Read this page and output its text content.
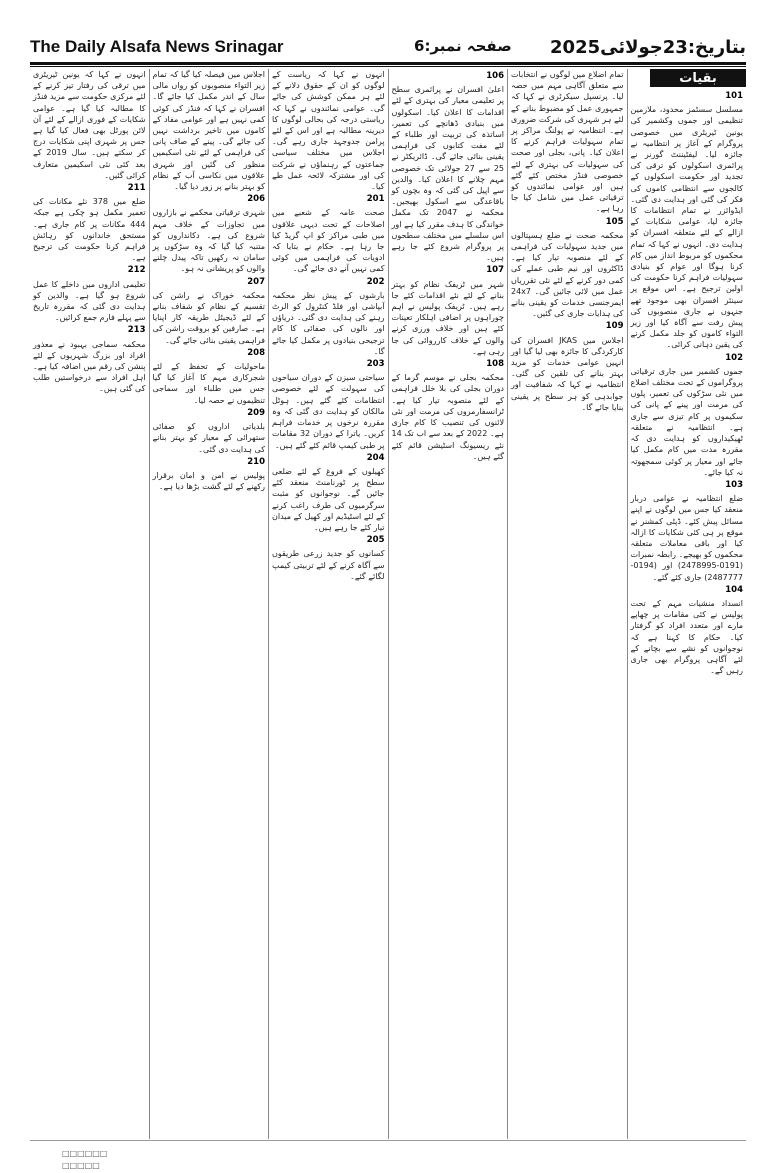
The Daily Alsafa News Srinagar	صفحہ نمبر:6 بتاریخ:23جولائی2025
101

مسلسل سسٹمز محدود، ملازمین تنظیمی اور جموں وکشمیر کی یونین ٹیریٹری میں خصوصی پروگرام کے آغاز پر انتظامیہ نے جائزہ لیا۔ لیفٹیننٹ گورنر نے پرائمری اسکولوں کو ترقی کی تجدید اور حکومت اسکولوں کے کالجوں سے انتظامی کاموں کی فکر کی گئی اور ہدایت دی گئی۔ ایڈوائزر نے تمام انتظامات کا جائزہ لیا، عوامی شکایات کے ازالے کے لئے متعلقہ افسران کو ہدایت دی۔ انہوں نے کہا کہ تمام محکموں کو مربوط انداز میں کام کرنا ہوگا اور عوام کو بنیادی سہولیات فراہم کرنا حکومت کی اولین ترجیح ہے۔ اس موقع پر سینئر افسران بھی موجود تھے جنہوں نے جاری منصوبوں کی پیش رفت سے آگاہ کیا اور زیر التواء کاموں کو جلد مکمل کرنے کی یقین دہانی کرائی۔

102

جموں کشمیر میں جاری ترقیاتی پروگراموں کے تحت مختلف اضلاع میں نئی سڑکوں کی تعمیر، پلوں کی مرمت اور پینے کے پانی کی سکیموں پر کام تیزی سے جاری ہے۔ انتظامیہ نے متعلقہ ٹھیکیداروں کو ہدایت دی کہ مقررہ مدت میں کام مکمل کیا جائے اور معیار پر کوئی سمجھوتہ نہ کیا جائے۔

103

ضلع انتظامیہ نے عوامی دربار منعقد کیا جس میں لوگوں نے اپنے مسائل پیش کئے۔ ڈپٹی کمشنر نے موقع پر ہی کئی شکایات کا ازالہ کیا اور باقی معاملات متعلقہ محکموں کو بھیجے۔ رابطہ نمبرات (0191-2478995) اور (0194-2487777) جاری کئے گئے۔

104

انسداد منشیات مہم کے تحت پولیس نے کئی مقامات پر چھاپے مارے اور متعدد افراد کو گرفتار کیا۔ حکام کا کہنا ہے کہ نوجوانوں کو نشے سے بچانے کے لئے آگاہی پروگرام بھی جاری رہیں گے۔

تمام اضلاع میں لوگوں نے انتخابات سے متعلق آگاہی مہم میں حصہ لیا۔ پرنسپل سیکرٹری نے کہا کہ جمہوری عمل کو مضبوط بنانے کے لئے ہر شہری کی شرکت ضروری ہے۔ انتظامیہ نے پولنگ مراکز پر تمام سہولیات فراہم کرنے کا اعلان کیا۔ پانی، بجلی اور صحت کی سہولیات کی بہتری کے لئے خصوصی فنڈز مختص کئے گئے ہیں اور عوامی نمائندوں کو ترقیاتی عمل میں شامل کیا جا رہا ہے۔

105

محکمہ صحت نے ضلع ہسپتالوں میں جدید سہولیات کی فراہمی کے لئے منصوبہ تیار کیا ہے۔ ڈاکٹروں اور نیم طبی عملے کی کمی دور کرنے کے لئے نئی تقرریاں عمل میں لائی جائیں گی۔ 24x7 ایمرجنسی خدمات کو یقینی بنانے کی ہدایات جاری کی گئیں۔

109

اجلاس میں JKAS افسران کی کارکردگی کا جائزہ بھی لیا گیا اور انہیں عوامی خدمات کو مزید بہتر بنانے کی تلقین کی گئی۔ انتظامیہ نے کہا کہ شفافیت اور جوابدہی کو ہر سطح پر یقینی بنایا جائے گا۔

106

اعلیٰ افسران نے پرائمری سطح پر تعلیمی معیار کی بہتری کے لئے اقدامات کا اعلان کیا۔ اسکولوں میں بنیادی ڈھانچے کی تعمیر، اساتذہ کی تربیت اور طلباء کے لئے مفت کتابوں کی فراہمی یقینی بنائی جائے گی۔ ڈائریکٹر نے 25 سے 27 جولائی تک خصوصی مہم چلانے کا اعلان کیا۔ والدین سے اپیل کی گئی کہ وہ بچوں کو باقاعدگی سے اسکول بھیجیں۔ محکمہ نے 2047 تک مکمل خواندگی کا ہدف مقرر کیا ہے اور اس سلسلے میں مختلف سطحوں پر پروگرام شروع کئے جا رہے ہیں۔

107

شہر میں ٹریفک نظام کو بہتر بنانے کے لئے نئے اقدامات کئے جا رہے ہیں۔ ٹریفک پولیس نے اہم چوراہوں پر اضافی اہلکار تعینات کئے ہیں اور خلاف ورزی کرنے والوں کے خلاف کارروائی کی جا رہی ہے۔

108

محکمہ بجلی نے موسم گرما کے دوران بجلی کی بلا خلل فراہمی کے لئے منصوبہ تیار کیا ہے۔ ٹرانسفارمروں کی مرمت اور نئی لائنوں کی تنصیب کا کام جاری ہے۔ 2022 کے بعد سے اب تک 14 نئے ریسیونگ اسٹیشن قائم کئے گئے ہیں۔

انہوں نے کہا کہ ریاست کے لوگوں کو ان کے حقوق دلانے کے لئے ہر ممکن کوشش کی جائے گی۔ عوامی نمائندوں نے کہا کہ ریاستی درجہ کی بحالی لوگوں کا دیرینہ مطالبہ ہے اور اس کے لئے پرامن جدوجہد جاری رہے گی۔ اجلاس میں مختلف سیاسی جماعتوں کے رہنماؤں نے شرکت کی اور مشترکہ لائحہ عمل طے کیا۔

201

صحت عامہ کے شعبے میں اصلاحات کے تحت دیہی علاقوں میں طبی مراکز کو اپ گریڈ کیا جا رہا ہے۔ حکام نے بتایا کہ ادویات کی فراہمی میں کوئی کمی نہیں آنے دی جائے گی۔

202

بارشوں کے پیش نظر محکمہ آبپاشی اور فلڈ کنٹرول کو الرٹ رہنے کی ہدایت دی گئی۔ دریاؤں اور نالوں کی صفائی کا کام ترجیحی بنیادوں پر مکمل کیا جائے گا۔

203

سیاحتی سیزن کے دوران سیاحوں کی سہولت کے لئے خصوصی انتظامات کئے گئے ہیں۔ ہوٹل مالکان کو ہدایت دی گئی کہ وہ مقررہ نرخوں پر خدمات فراہم کریں۔ یاترا کے دوران 32 مقامات پر طبی کیمپ قائم کئے گئے ہیں۔

204

کھیلوں کے فروغ کے لئے ضلعی سطح پر ٹورنامنٹ منعقد کئے جائیں گے۔ نوجوانوں کو مثبت سرگرمیوں کی طرف راغب کرنے کے لئے اسٹیڈیم اور کھیل کے میدان تیار کئے جا رہے ہیں۔

205

کسانوں کو جدید زرعی طریقوں سے آگاہ کرنے کے لئے تربیتی کیمپ لگائے گئے۔

اجلاس میں فیصلہ کیا گیا کہ تمام زیر التواء منصوبوں کو رواں مالی سال کے اندر مکمل کیا جائے گا۔ افسران نے کہا کہ فنڈز کی کوئی کمی نہیں ہے اور عوامی مفاد کے کاموں میں تاخیر برداشت نہیں کی جائے گی۔ پینے کے صاف پانی کی فراہمی کے لئے نئی اسکیمیں منظور کی گئیں اور شہری علاقوں میں نکاسی آب کے نظام کو بہتر بنانے پر زور دیا گیا۔

206

شہری ترقیاتی محکمے نے بازاروں میں تجاوزات کے خلاف مہم شروع کی ہے۔ دکانداروں کو متنبہ کیا گیا کہ وہ سڑکوں پر سامان نہ رکھیں تاکہ پیدل چلنے والوں کو پریشانی نہ ہو۔

207

محکمہ خوراک نے راشن کی تقسیم کے نظام کو شفاف بنانے کے لئے ڈیجیٹل طریقہ کار اپنایا ہے۔ صارفین کو بروقت راشن کی فراہمی یقینی بنائی جائے گی۔

208

ماحولیات کے تحفظ کے لئے شجرکاری مہم کا آغاز کیا گیا جس میں طلباء اور سماجی تنظیموں نے حصہ لیا۔

209

بلدیاتی اداروں کو صفائی ستھرائی کے معیار کو بہتر بنانے کی ہدایت دی گئی۔

210

پولیس نے امن و امان برقرار رکھنے کے لئے گشت بڑھا دیا ہے۔

انہوں نے کہا کہ یونین ٹیریٹری میں ترقی کی رفتار تیز کرنے کے لئے مرکزی حکومت سے مزید فنڈز کا مطالبہ کیا گیا ہے۔ عوامی شکایات کے فوری ازالے کے لئے آن لائن پورٹل بھی فعال کیا گیا ہے جس پر شہری اپنی شکایات درج کر سکتے ہیں۔ سال 2019 کے بعد کئی نئی اسکیمیں متعارف کرائی گئیں۔

211

ضلع میں 378 نئے مکانات کی تعمیر مکمل ہو چکی ہے جبکہ 444 مکانات پر کام جاری ہے۔ مستحق خاندانوں کو رہائش فراہم کرنا حکومت کی ترجیح ہے۔

212

تعلیمی اداروں میں داخلے کا عمل شروع ہو گیا ہے۔ والدین کو ہدایت دی گئی کہ مقررہ تاریخ سے پہلے فارم جمع کرائیں۔

213

محکمہ سماجی بہبود نے معذور افراد اور بزرگ شہریوں کے لئے پنشن کی رقم میں اضافہ کیا ہے۔ اہل افراد سے درخواستیں طلب کی گئی ہیں۔

بقیات
□□□□□□
□□□□□
